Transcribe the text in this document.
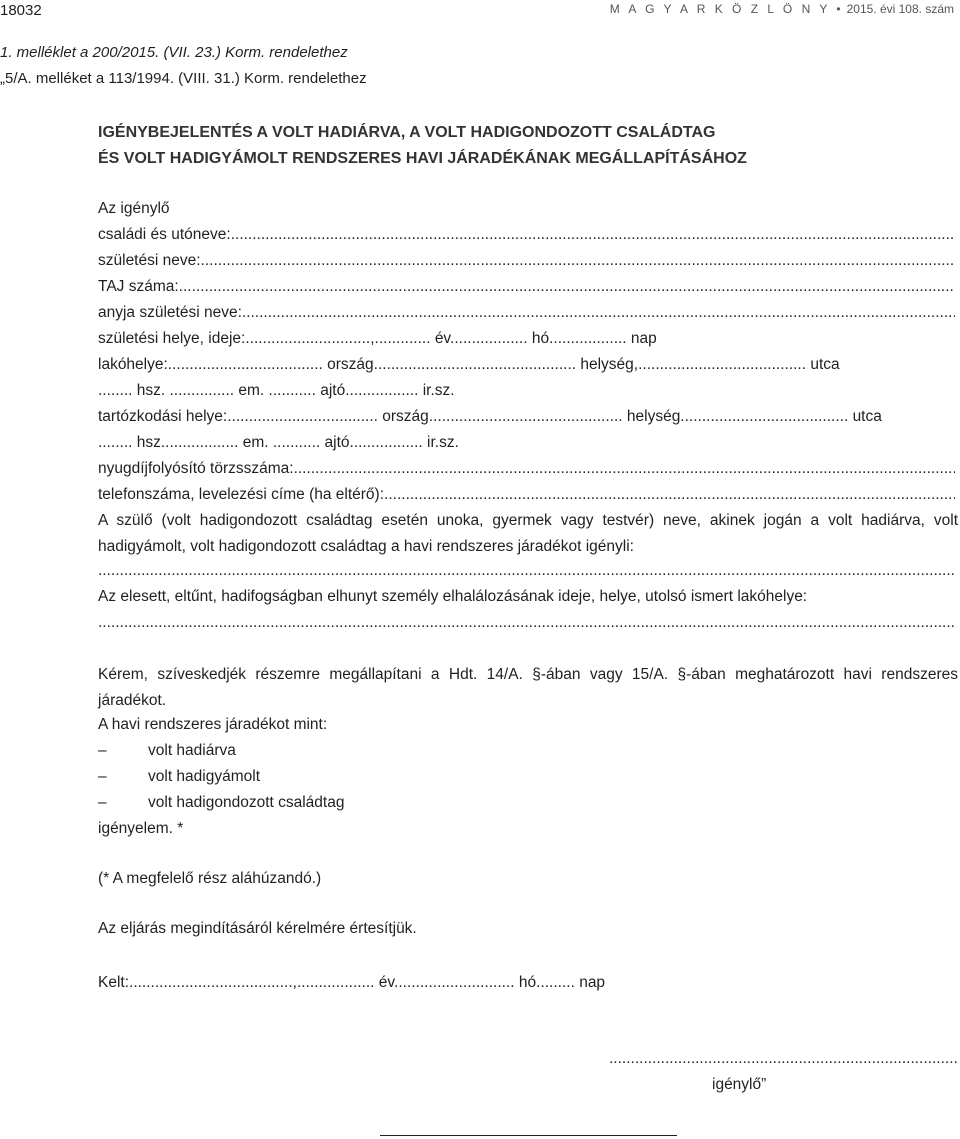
18032	M A G Y A R K Ö Z L Ö N Y • 2015. évi 108. szám
1. melléklet a 200/2015. (VII. 23.) Korm. rendelethez
„5/A. melléket a 113/1994. (VIII. 31.) Korm. rendelethez
IGÉNYBEJELENTÉS A VOLT HADIÁRVA, A VOLT HADIGONDOZOTT CSALÁDTAG
ÉS VOLT HADIGYÁMOLT RENDSZERES HAVI JÁRADÉKÁNAK MEGÁLLAPÍTÁSÁHOZ
Az igénylő
családi és utóneve:
.....
születési neve:
.....
TAJ száma:
.....
anyja születési neve:
.....
születési helye, ideje:.............................,............. év.................. hó.................. nap
lakóhelye:.................................... ország............................................... helység,....................................... utca
........ hsz. ............... em. ........... ajtó................. ir.sz.
tartózkodási helye:................................... ország............................................. helység....................................... utca
........ hsz.................. em. ........... ajtó................. ir.sz.
nyugdíjfolyósító törzsszáma:
.....
telefonszáma, levelezési címe (ha eltérő):
.....
A szülő (volt hadigondozott családtag esetén unoka, gyermek vagy testvér) neve, akinek jogán a volt hadiárva, volt hadigyámolt, volt hadigondozott családtag a havi rendszeres járadékot igényli:
.....
Az elesett, eltűnt, hadifogságban elhunyt személy elhalálozásának ideje, helye, utolsó ismert lakóhelye:
.....
Kérem, szíveskedjék részemre megállapítani a Hdt. 14/A. §-ában vagy 15/A. §-ában meghatározott havi rendszeres járadékot.
A havi rendszeres járadékot mint:
–	volt hadiárva
–	volt hadigyámolt
–	volt hadigondozott családtag
igényelem. *
(* A megfelelő rész aláhúzandó.)
Az eljárás megindításáról kérelmére értesítjük.
Kelt:......................................,.................. év............................ hó......... nap
.................................................................................
igénylő”
